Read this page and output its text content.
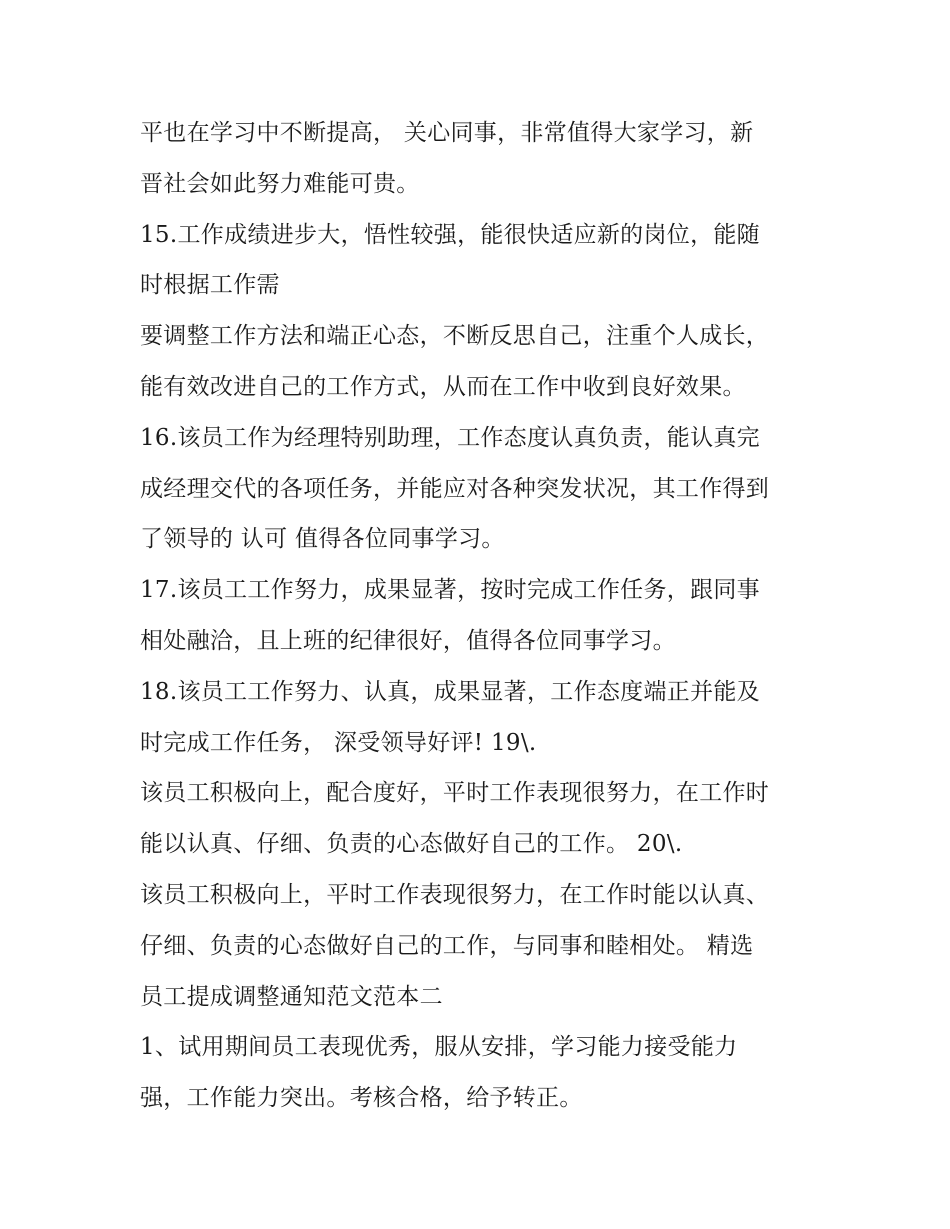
平也在学习中不断提高， 关心同事，非常值得大家学习，新
晋社会如此努力难能可贵。
15.工作成绩进步大，悟性较强，能很快适应新的岗位，能随
时根据工作需
要调整工作方法和端正心态，不断反思自己，注重个人成长，
能有效改进自己的工作方式，从而在工作中收到良好效果。
16.该员工作为经理特别助理，工作态度认真负责，能认真完
成经理交代的各项任务，并能应对各种突发状况，其工作得到
了领导的 认可 值得各位同事学习。
17.该员工工作努力，成果显著，按时完成工作任务，跟同事
相处融洽，且上班的纪律很好，值得各位同事学习。
18.该员工工作努力、认真，成果显著，工作态度端正并能及
时完成工作任务， 深受领导好评! 19\.
该员工积极向上，配合度好，平时工作表现很努力，在工作时
能以认真、仔细、负责的心态做好自己的工作。 20\.
该员工积极向上，平时工作表现很努力，在工作时能以认真、
仔细、负责的心态做好自己的工作，与同事和睦相处。 精选
员工提成调整通知范文范本二
1、试用期间员工表现优秀，服从安排，学习能力接受能力
强，工作能力突出。考核合格，给予转正。
